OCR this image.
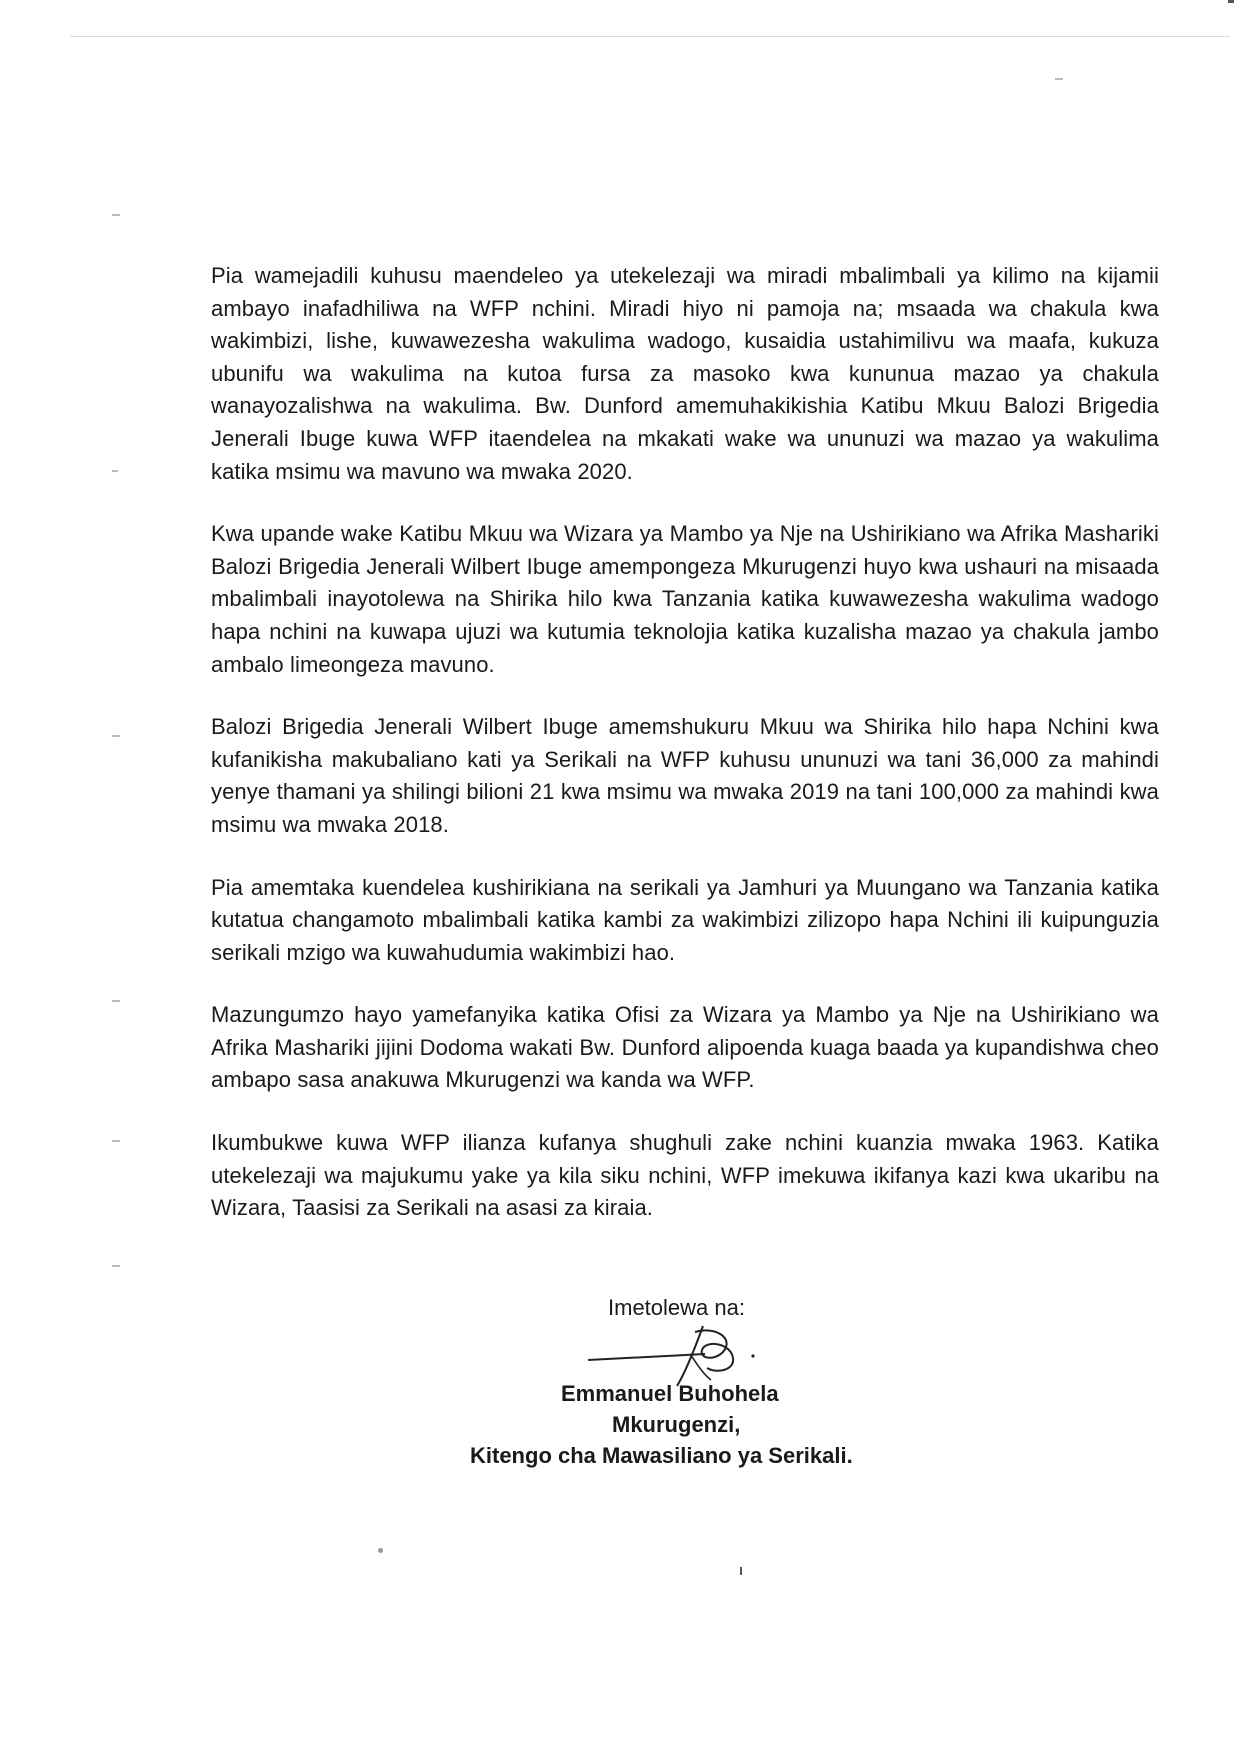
Pia wamejadili kuhusu maendeleo ya utekelezaji wa miradi mbalimbali ya kilimo na kijamii ambayo inafadhiliwa na WFP nchini. Miradi hiyo ni pamoja na; msaada wa chakula kwa wakimbizi, lishe, kuwawezesha wakulima wadogo, kusaidia ustahimilivu wa maafa, kukuza ubunifu wa wakulima na kutoa fursa za masoko kwa kununua mazao ya chakula wanayozalishwa na wakulima. Bw. Dunford amemuhakikishia Katibu Mkuu Balozi Brigedia Jenerali Ibuge kuwa WFP itaendelea na mkakati wake wa ununuzi wa mazao ya wakulima katika msimu wa mavuno wa mwaka 2020.

Kwa upande wake Katibu Mkuu wa Wizara ya Mambo ya Nje na Ushirikiano wa Afrika Mashariki Balozi Brigedia Jenerali Wilbert Ibuge amempongeza Mkurugenzi huyo kwa ushauri na misaada mbalimbali inayotolewa na Shirika hilo kwa Tanzania katika kuwawezesha wakulima wadogo hapa nchini na kuwapa ujuzi wa kutumia teknolojia katika kuzalisha mazao ya chakula jambo ambalo limeongeza mavuno.

Balozi Brigedia Jenerali Wilbert Ibuge amemshukuru Mkuu wa Shirika hilo hapa Nchini kwa kufanikisha makubaliano kati ya Serikali na WFP kuhusu ununuzi wa tani 36,000 za mahindi yenye thamani ya shilingi bilioni 21 kwa msimu wa mwaka 2019 na tani 100,000 za mahindi kwa msimu wa mwaka 2018.

Pia amemtaka kuendelea kushirikiana na serikali ya Jamhuri ya Muungano wa Tanzania katika kutatua changamoto mbalimbali katika kambi za wakimbizi zilizopo hapa Nchini ili kuipunguzia serikali mzigo wa kuwahudumia wakimbizi hao.

Mazungumzo hayo yamefanyika katika Ofisi za Wizara ya Mambo ya Nje na Ushirikiano wa Afrika Mashariki jijini Dodoma wakati Bw. Dunford alipoenda kuaga baada ya kupandishwa cheo ambapo sasa anakuwa Mkurugenzi wa kanda wa WFP.

Ikumbukwe kuwa WFP ilianza kufanya shughuli zake nchini kuanzia mwaka 1963. Katika utekelezaji wa majukumu yake ya kila siku nchini, WFP imekuwa ikifanya kazi kwa ukaribu na Wizara, Taasisi za Serikali na asasi za kiraia.

Imetolewa na:
Emmanuel Buhohela
Mkurugenzi,
Kitengo cha Mawasiliano ya Serikali.
